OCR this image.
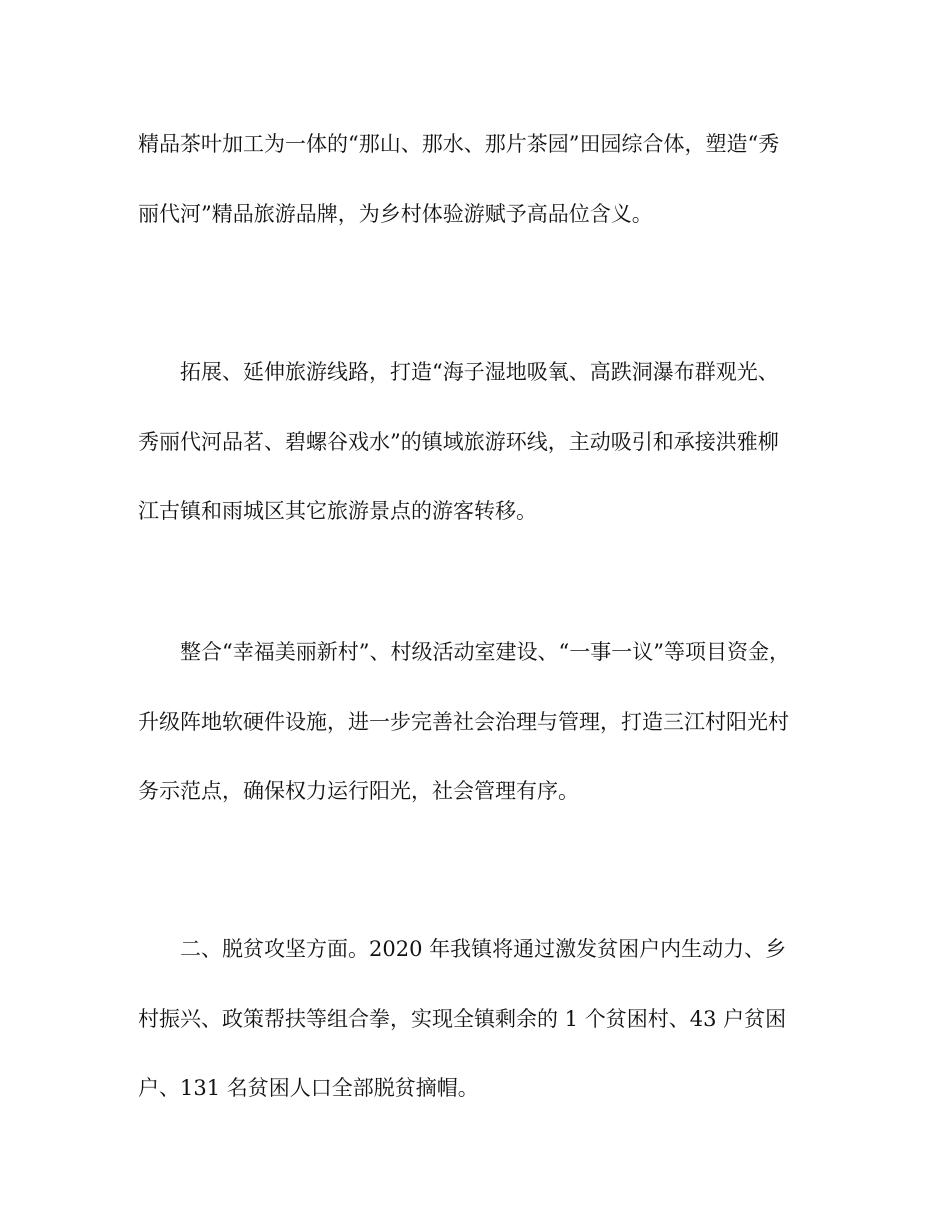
精品茶叶加工为一体的“那山、那水、那片茶园”田园综合体，塑造“秀
丽代河”精品旅游品牌，为乡村体验游赋予高品位含义。
拓展、延伸旅游线路，打造“海子湿地吸氧、高跌洞瀑布群观光、
秀丽代河品茗、碧螺谷戏水”的镇域旅游环线，主动吸引和承接洪雅柳
江古镇和雨城区其它旅游景点的游客转移。
整合“幸福美丽新村”、村级活动室建设、“一事一议”等项目资金，
升级阵地软硬件设施，进一步完善社会治理与管理，打造三江村阳光村
务示范点，确保权力运行阳光，社会管理有序。
二、脱贫攻坚方面。2020 年我镇将通过激发贫困户内生动力、乡
村振兴、政策帮扶等组合拳，实现全镇剩余的 1 个贫困村、43 户贫困
户、131 名贫困人口全部脱贫摘帽。
